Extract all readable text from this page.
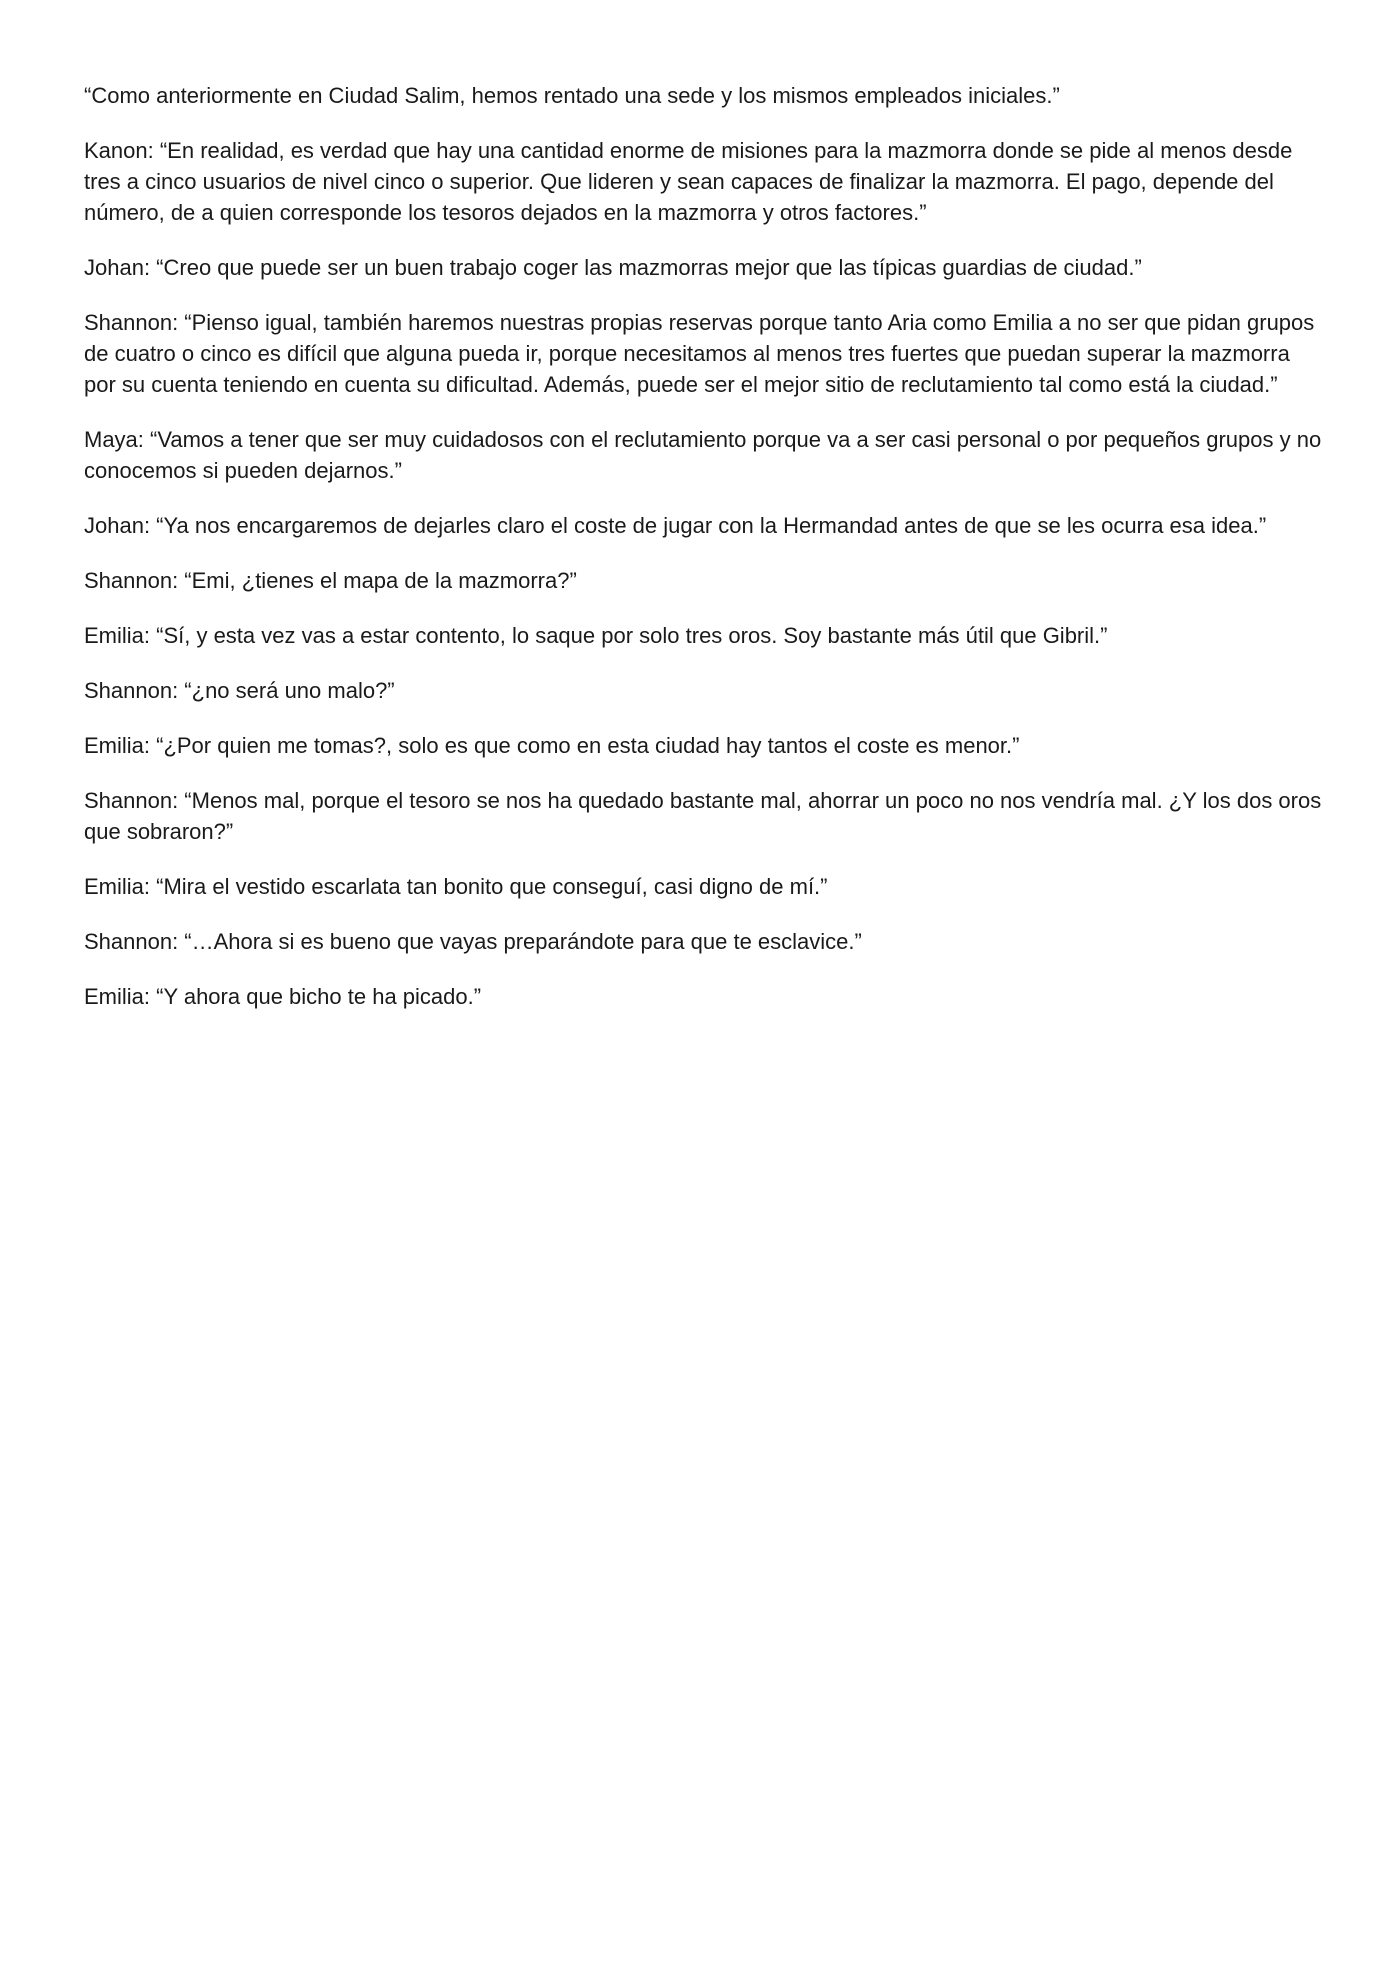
“Como anteriormente en Ciudad Salim, hemos rentado una sede y los mismos empleados iniciales.”

Kanon: “En realidad, es verdad que hay una cantidad enorme de misiones para la mazmorra donde se pide al menos desde tres a cinco usuarios de nivel cinco o superior. Que lideren y sean capaces de finalizar la mazmorra. El pago, depende del número, de a quien corresponde los tesoros dejados en la mazmorra y otros factores.”

Johan: “Creo que puede ser un buen trabajo coger las mazmorras mejor que las típicas guardias de ciudad.”

Shannon: “Pienso igual, también haremos nuestras propias reservas porque tanto Aria como Emilia a no ser que pidan grupos de cuatro o cinco es difícil que alguna pueda ir, porque necesitamos al menos tres fuertes que puedan superar la mazmorra por su cuenta teniendo en cuenta su dificultad. Además, puede ser el mejor sitio de reclutamiento tal como está la ciudad.”

Maya: “Vamos a tener que ser muy cuidadosos con el reclutamiento porque va a ser casi personal o por pequeños grupos y no conocemos si pueden dejarnos.”

Johan: “Ya nos encargaremos de dejarles claro el coste de jugar con la Hermandad antes de que se les ocurra esa idea.”

Shannon: “Emi, ¿tienes el mapa de la mazmorra?”

Emilia: “Sí, y esta vez vas a estar contento, lo saque por solo tres oros. Soy bastante más útil que Gibril.”

Shannon: “¿no será uno malo?”

Emilia: “¿Por quien me tomas?, solo es que como en esta ciudad hay tantos el coste es menor.”

Shannon: “Menos mal, porque el tesoro se nos ha quedado bastante mal, ahorrar un poco no nos vendría mal. ¿Y los dos oros que sobraron?”

Emilia: “Mira el vestido escarlata tan bonito que conseguí, casi digno de mí.”

Shannon: “…Ahora si es bueno que vayas preparándote para que te esclavice.”

Emilia: “Y ahora que bicho te ha picado.”
